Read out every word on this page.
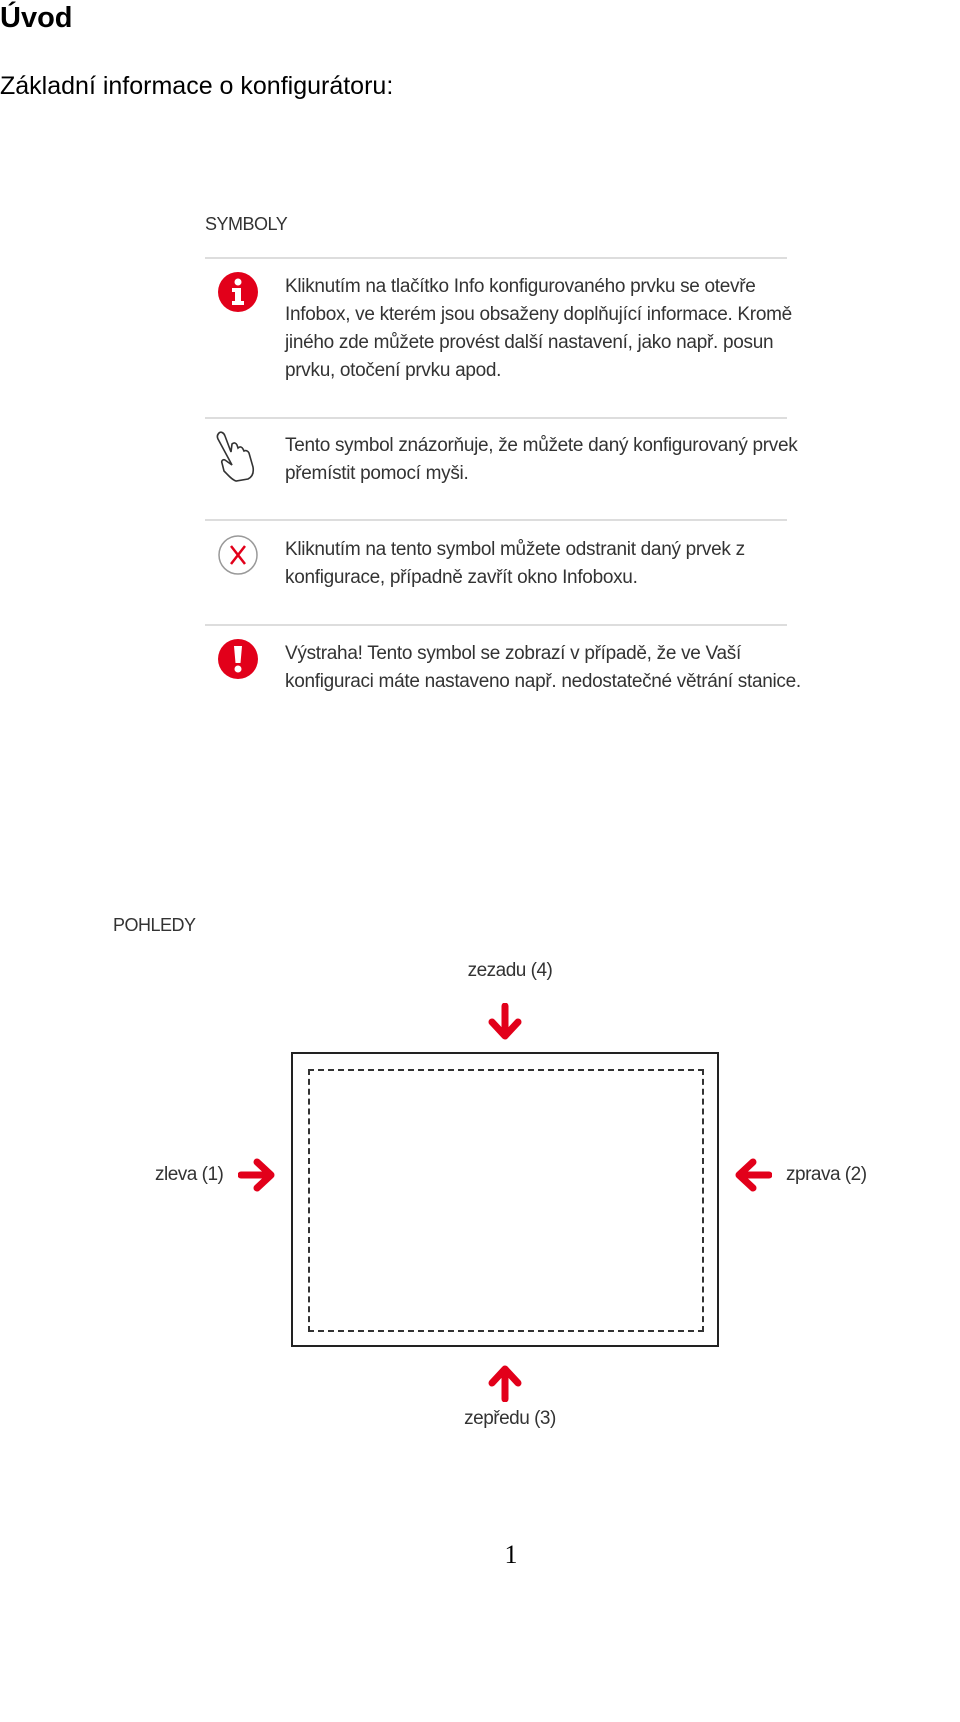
Úvod
Základní informace o konfigurátoru:
SYMBOLY
Kliknutím na tlačítko Info konfigurovaného prvku se otevře Infobox, ve kterém jsou obsaženy doplňující informace. Kromě jiného zde můžete provést další nastavení, jako např. posun prvku, otočení prvku apod.
Tento symbol znázorňuje, že můžete daný konfigurovaný prvek přemístit pomocí myši.
Kliknutím na tento symbol můžete odstranit daný prvek z konfigurace, případně zavřít okno Infoboxu.
Výstraha! Tento symbol se zobrazí v případě, že ve Vaší konfiguraci máte nastaveno např. nedostatečné větrání stanice.
POHLEDY
zezadu (4)
zleva (1)	zprava (2)
zepředu (3)
1
